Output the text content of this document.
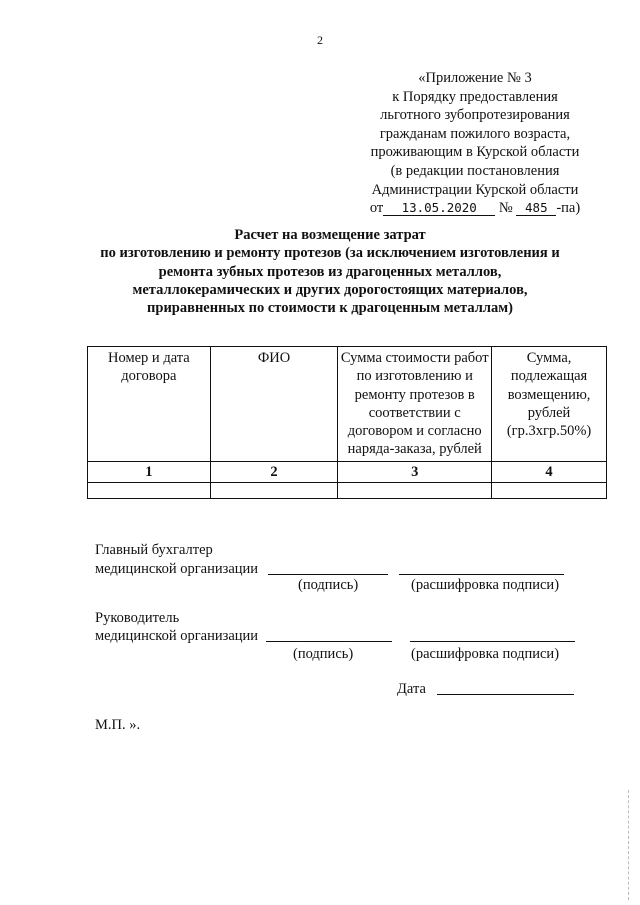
2
«Приложение № 3
к Порядку предоставления
льготного зубопротезирования
гражданам пожилого возраста,
проживающим в Курской области
(в редакции постановления
Администрации Курской области
от 13.05.2020 № 485 -па)
Расчет на возмещение затрат
по изготовлению и ремонту протезов (за исключением изготовления и
ремонта зубных протезов из драгоценных металлов,
металлокерамических и других дорогостоящих материалов,
приравненных по стоимости к драгоценным металлам)
Номер и дата договора	ФИО	Сумма стоимости работ по изготовлению и ремонту протезов в соответствии с договором и согласно наряда-заказа, рублей	Сумма, подлежащая возмещению, рублей (гр.3хгр.50%)
1	2	3	4

Главный бухгалтер
медицинской организации
(подпись)	(расшифровка подписи)
Руководитель
медицинской организации
(подпись)	(расшифровка подписи)
Дата
М.П. ».
